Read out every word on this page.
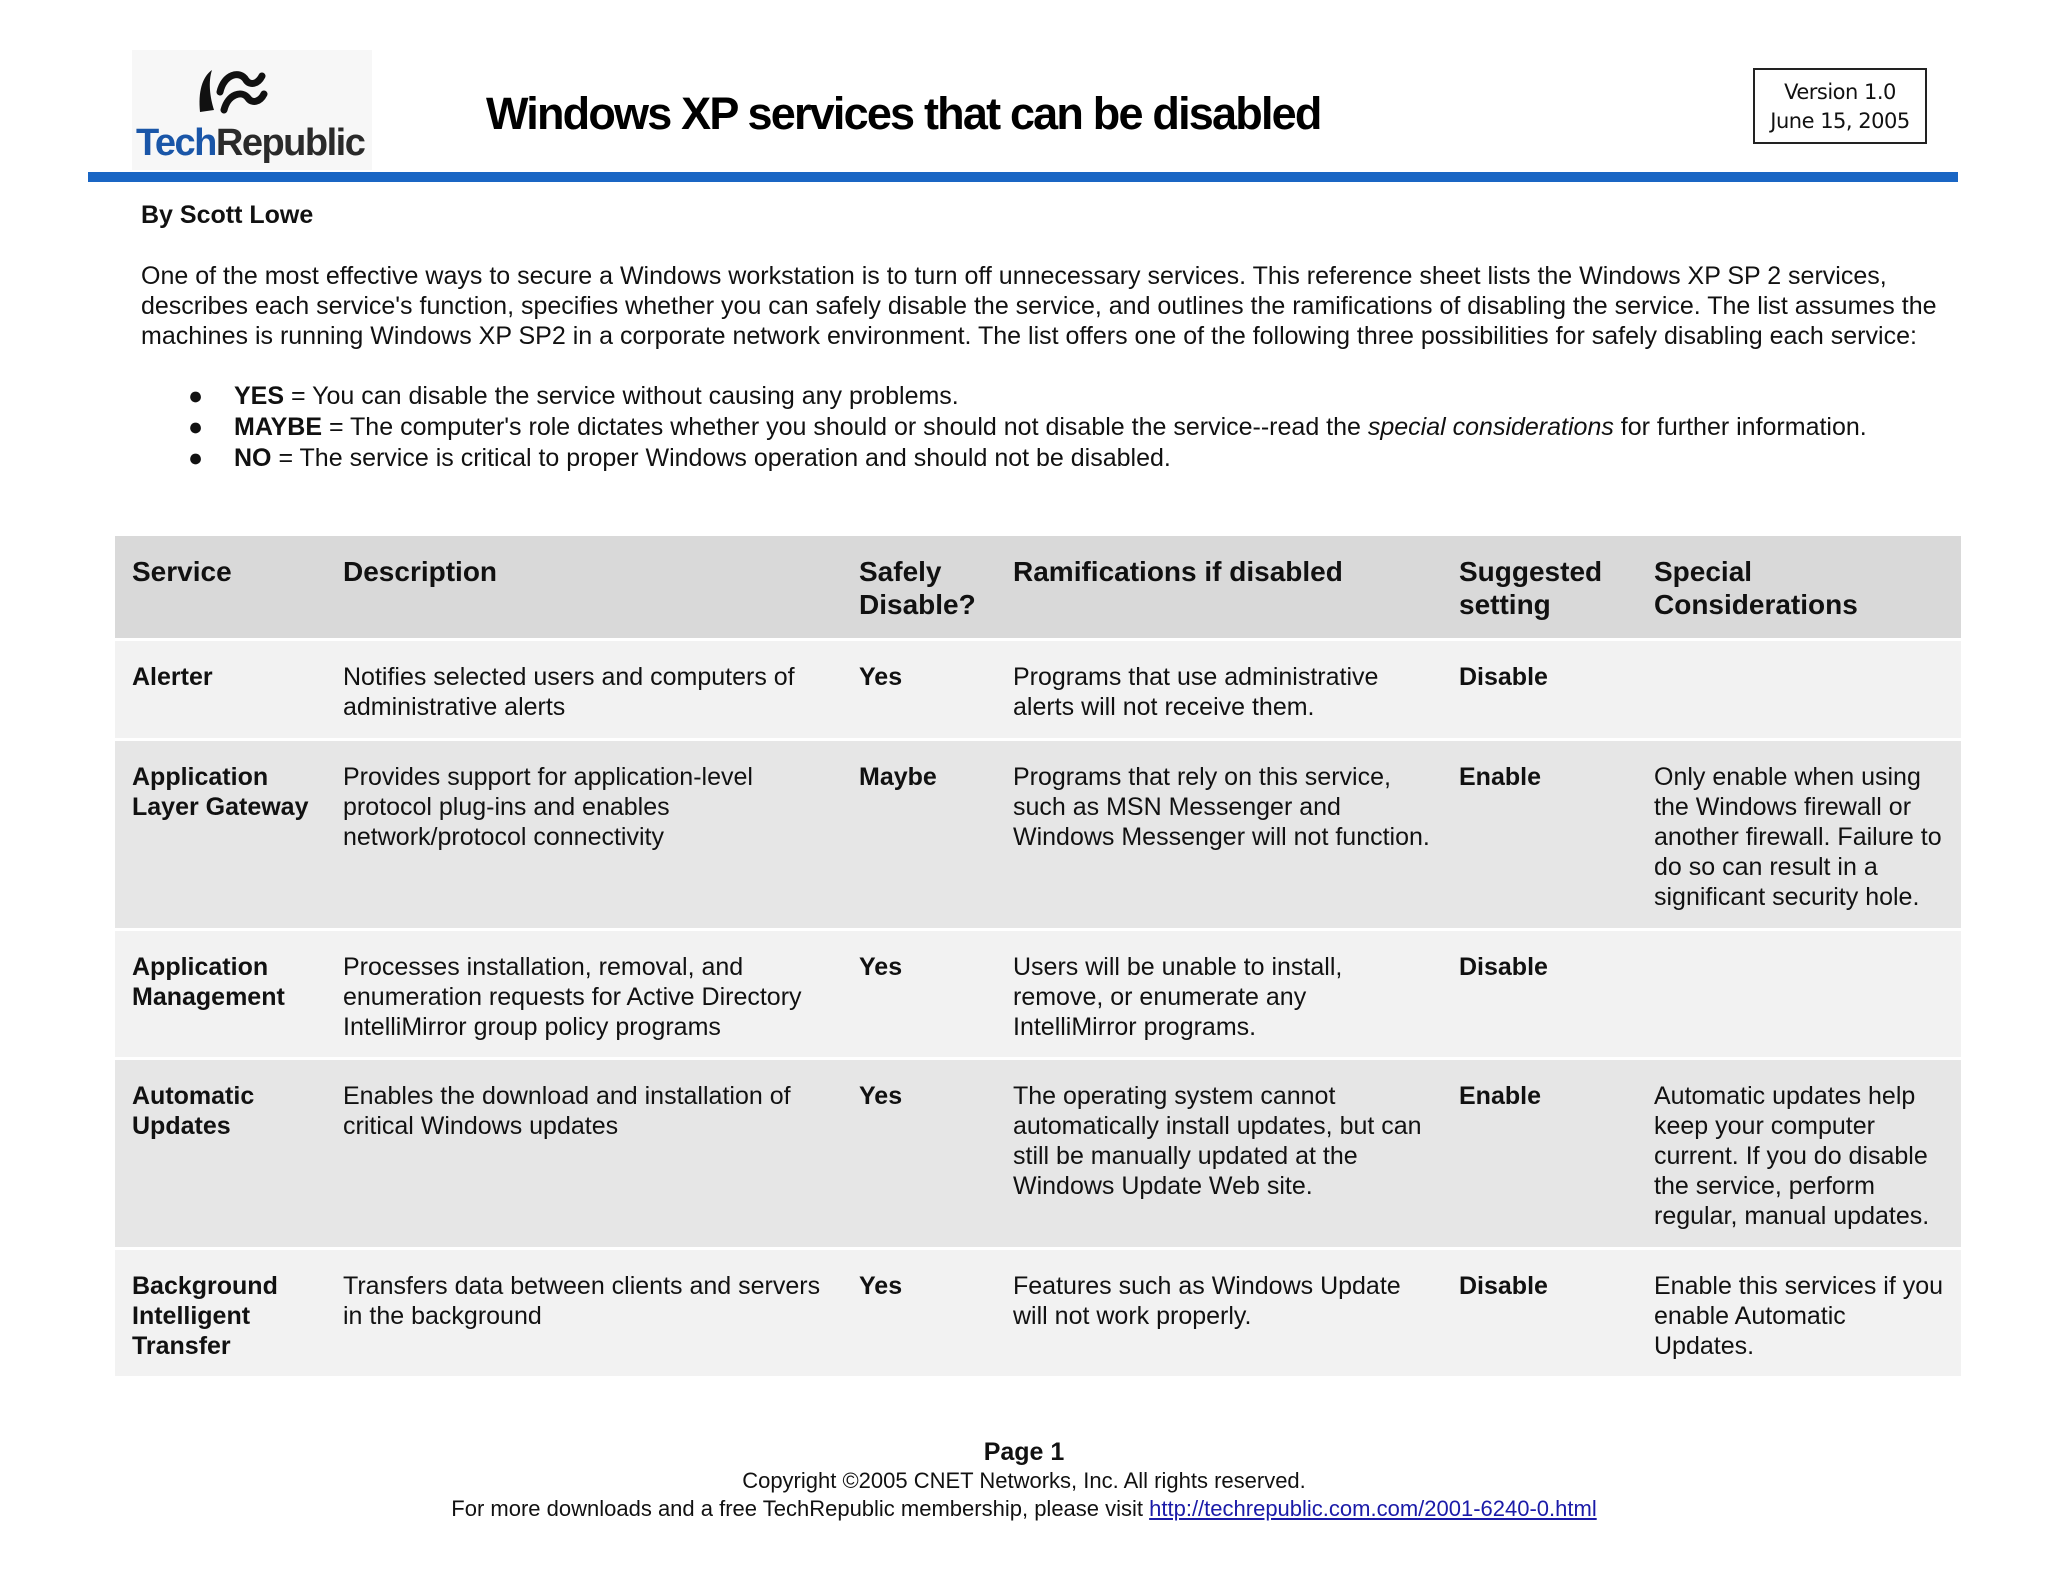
TechRepublic
Windows XP services that can be disabled	Version 1.0
June 15, 2005
By Scott Lowe

One of the most effective ways to secure a Windows workstation is to turn off unnecessary services. This reference sheet lists the Windows XP SP 2 services, describes each service's function, specifies whether you can safely disable the service, and outlines the ramifications of disabling the service. The list assumes the machines is running Windows XP SP2 in a corporate network environment. The list offers one of the following three possibilities for safely disabling each service:

● YES = You can disable the service without causing any problems.
● MAYBE = The computer's role dictates whether you should or should not disable the service--read the special considerations for further information.
● NO = The service is critical to proper Windows operation and should not be disabled.
Service	Description	Safely Disable?	Ramifications if disabled	Suggested setting	Special Considerations
Alerter	Notifies selected users and computers of administrative alerts	Yes	Programs that use administrative alerts will not receive them.	Disable	
Application Layer Gateway	Provides support for application-level protocol plug-ins and enables network/protocol connectivity	Maybe	Programs that rely on this service, such as MSN Messenger and Windows Messenger will not function.	Enable	Only enable when using the Windows firewall or another firewall. Failure to do so can result in a significant security hole.
Application Management	Processes installation, removal, and enumeration requests for Active Directory IntelliMirror group policy programs	Yes	Users will be unable to install, remove, or enumerate any IntelliMirror programs.	Disable	
Automatic Updates	Enables the download and installation of critical Windows updates	Yes	The operating system cannot automatically install updates, but can still be manually updated at the Windows Update Web site.	Enable	Automatic updates help keep your computer current. If you do disable the service, perform regular, manual updates.
Background Intelligent Transfer	Transfers data between clients and servers in the background	Yes	Features such as Windows Update will not work properly.	Disable	Enable this services if you enable Automatic Updates.
Page 1
Copyright ©2005 CNET Networks, Inc. All rights reserved.
For more downloads and a free TechRepublic membership, please visit http://techrepublic.com.com/2001-6240-0.html
